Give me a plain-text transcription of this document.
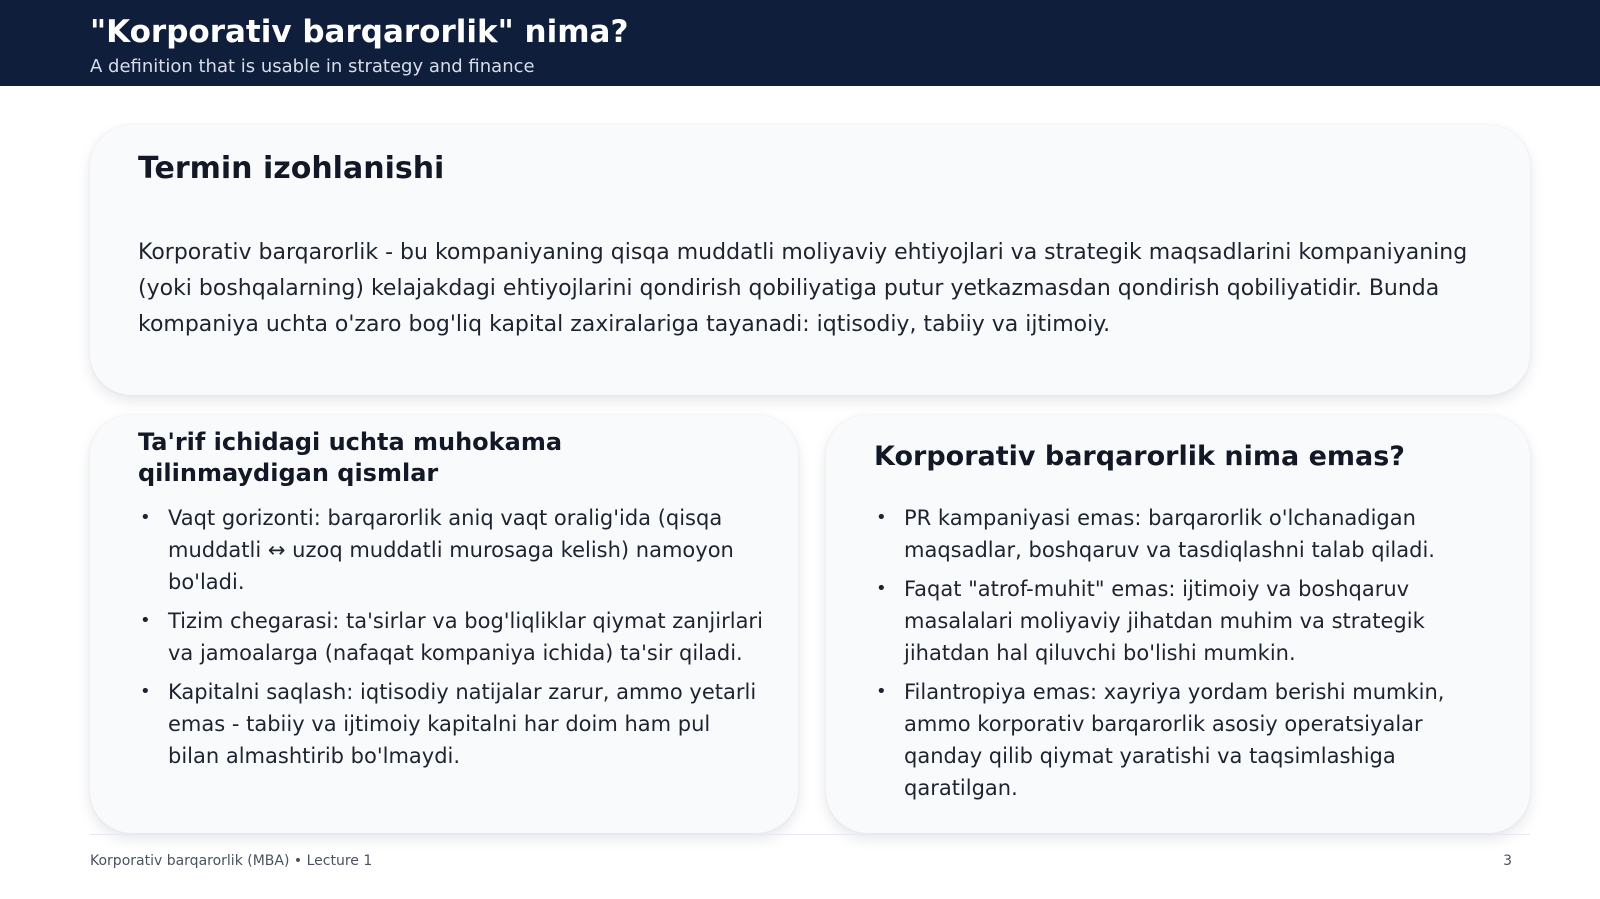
"Korporativ barqarorlik" nima?
A definition that is usable in strategy and finance
Termin izohlanishi

Korporativ barqarorlik - bu kompaniyaning qisqa muddatli moliyaviy ehtiyojlari va strategik maqsadlarini kompaniyaning (yoki boshqalarning) kelajakdagi ehtiyojlarini qondirish qobiliyatiga putur yetkazmasdan qondirish qobiliyatidir. Bunda kompaniya uchta o'zaro bog'liq kapital zaxiralariga tayanadi: iqtisodiy, tabiiy va ijtimoiy.

Ta'rif ichidagi uchta muhokama qilinmaydigan qismlar
• Vaqt gorizonti: barqarorlik aniq vaqt oralig'ida (qisqa muddatli ↔ uzoq muddatli murosaga kelish) namoyon bo'ladi.
• Tizim chegarasi: ta'sirlar va bog'liqliklar qiymat zanjirlari va jamoalarga (nafaqat kompaniya ichida) ta'sir qiladi.
• Kapitalni saqlash: iqtisodiy natijalar zarur, ammo yetarli emas - tabiiy va ijtimoiy kapitalni har doim ham pul bilan almashtirib bo'lmaydi.
Korporativ barqarorlik nima emas?
• PR kampaniyasi emas: barqarorlik o'lchanadigan maqsadlar, boshqaruv va tasdiqlashni talab qiladi.
• Faqat "atrof-muhit" emas: ijtimoiy va boshqaruv masalalari moliyaviy jihatdan muhim va strategik jihatdan hal qiluvchi bo'lishi mumkin.
• Filantropiya emas: xayriya yordam berishi mumkin, ammo korporativ barqarorlik asosiy operatsiyalar qanday qilib qiymat yaratishi va taqsimlashiga qaratilgan.
Korporativ barqarorlik (MBA) • Lecture 1	3
